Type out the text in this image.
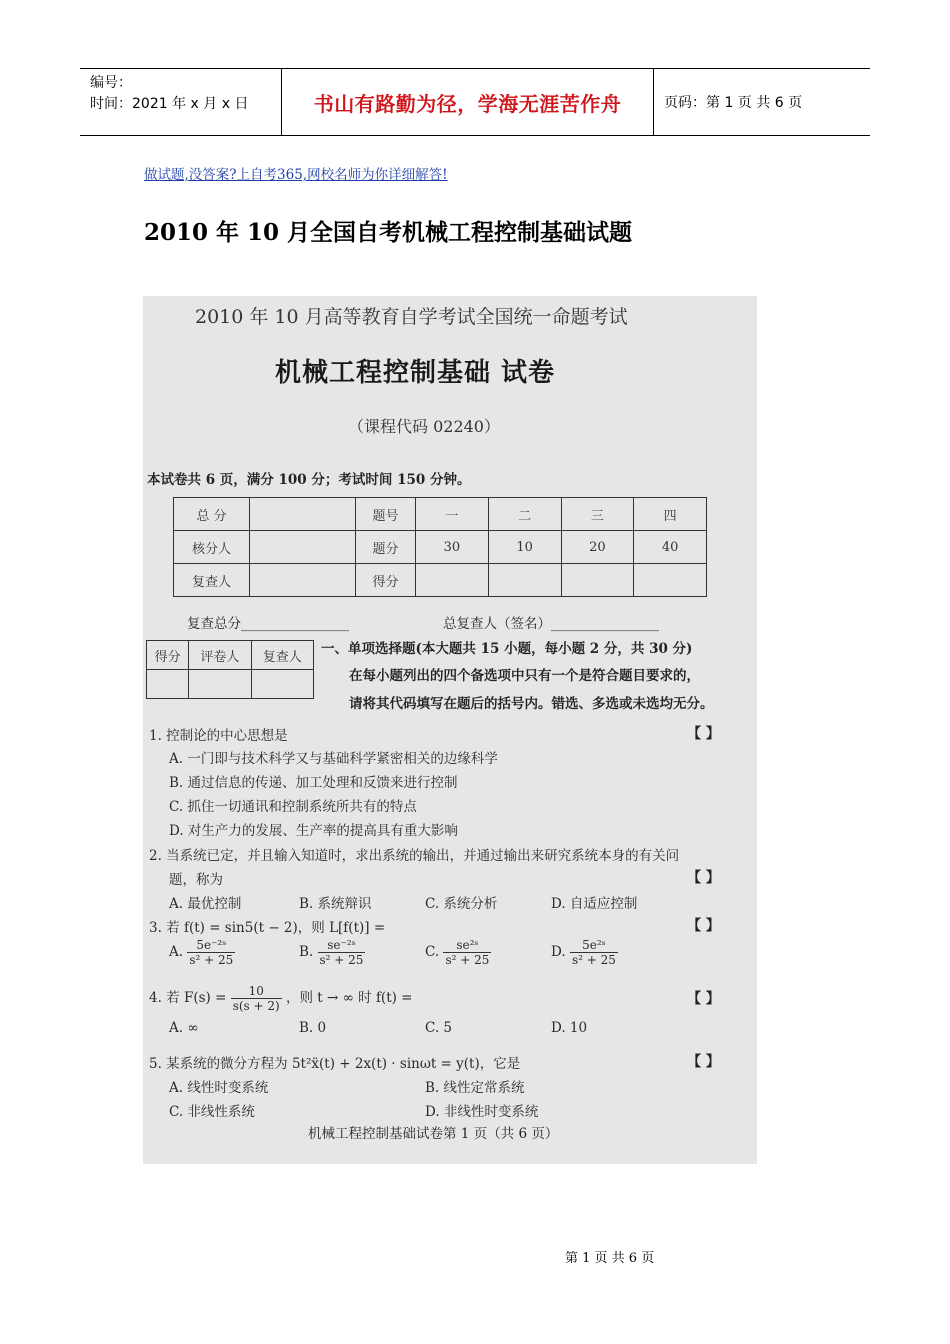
编号：
时间：2021 年 x 月 x 日	书山有路勤为径，学海无涯苦作舟	页码：第 1 页 共 6 页
做试题,没答案?上自考365,网校名师为你详细解答!
2010 年 10 月全国自考机械工程控制基础试题
2010 年 10 月高等教育自学考试全国统一命题考试
机械工程控制基础 试卷
（课程代码 02240）
本试卷共 6 页，满分 100 分；考试时间 150 分钟。
总 分		题号	一	二	三	四
核分人		题分	30	10	20	40
复查人		得分				
复查总分________________	总复查人（签名）________________
得分	评卷人	复查人
		一、单项选择题(本大题共 15 小题，每小题 2 分，共 30 分)
在每小题列出的四个备选项中只有一个是符合题目要求的，
请将其代码填写在题后的括号内。错选、多选或未选均无分。
1. 控制论的中心思想是	【 】
A. 一门即与技术科学又与基础科学紧密相关的边缘科学
B. 通过信息的传递、加工处理和反馈来进行控制
C. 抓住一切通讯和控制系统所共有的特点
D. 对生产力的发展、生产率的提高具有重大影响
2. 当系统已定，并且输入知道时，求出系统的输出，并通过输出来研究系统本身的有关问
题，称为	【 】
A. 最优控制	B. 系统辩识	C. 系统分析	D. 自适应控制
3. 若 f(t) = sin5(t − 2)，则 L[f(t)] =	【 】
A. $\frac{\text{5e⁻²ˢ}}{\text{s² + 25}}$	B. $\frac{\text{se⁻²ˢ}}{\text{s² + 25}}$	C. $\frac{\text{se²ˢ}}{\text{s² + 25}}$	D. $\frac{\text{5e²ˢ}}{\text{s² + 25}}$
4. 若 $F(s) = \frac{10}{s(s + 2)}$ ，则 t → ∞ 时 f(t) =	【 】
A. ∞	B. 0	C. 5	D. 10
5. 某系统的微分方程为 5t²ẍ(t) + 2x(t) · sinωt = y(t)，它是	【 】
A. 线性时变系统	B. 线性定常系统
C. 非线性系统	D. 非线性时变系统
机械工程控制基础试卷第 1 页（共 6 页）
第 1 页 共 6 页
